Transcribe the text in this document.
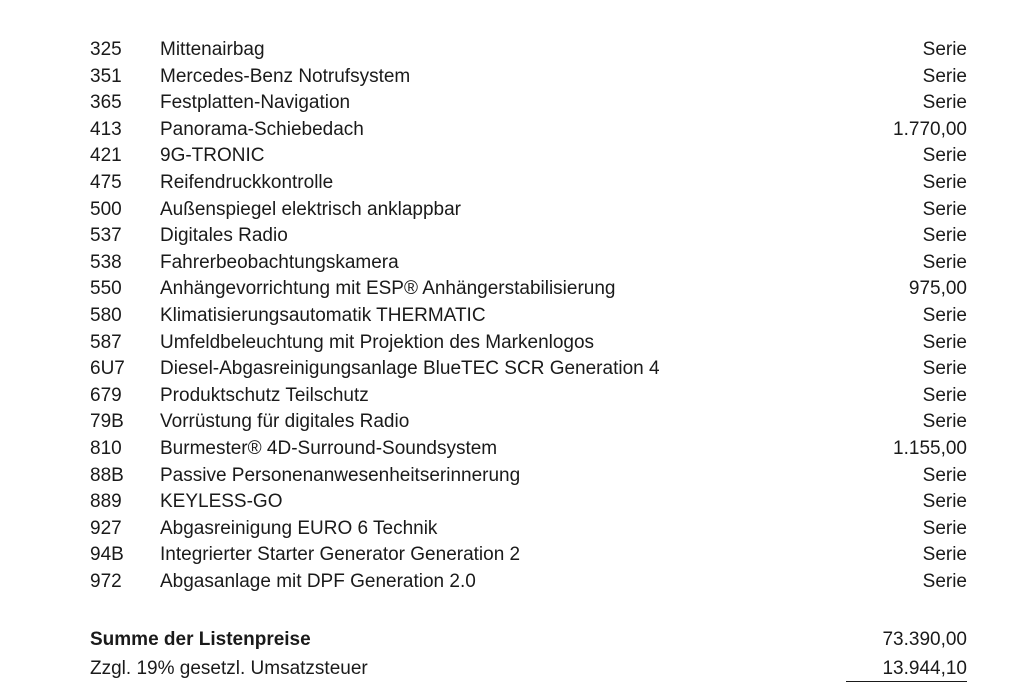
325	Mittenairbag	Serie
351	Mercedes-Benz Notrufsystem	Serie
365	Festplatten-Navigation	Serie
413	Panorama-Schiebedach	1.770,00
421	9G-TRONIC	Serie
475	Reifendruckkontrolle	Serie
500	Außenspiegel elektrisch anklappbar	Serie
537	Digitales Radio	Serie
538	Fahrerbeobachtungskamera	Serie
550	Anhängevorrichtung mit ESP® Anhängerstabilisierung	975,00
580	Klimatisierungsautomatik THERMATIC	Serie
587	Umfeldbeleuchtung mit Projektion des Markenlogos	Serie
6U7	Diesel-Abgasreinigungsanlage BlueTEC SCR Generation 4	Serie
679	Produktschutz Teilschutz	Serie
79B	Vorrüstung für digitales Radio	Serie
810	Burmester® 4D-Surround-Soundsystem	1.155,00
88B	Passive Personenanwesenheitserinnerung	Serie
889	KEYLESS-GO	Serie
927	Abgasreinigung EURO 6 Technik	Serie
94B	Integrierter Starter Generator Generation 2	Serie
972	Abgasanlage mit DPF Generation 2.0	Serie
Summe der Listenpreise	73.390,00
Zzgl. 19% gesetzl. Umsatzsteuer	13.944,10
